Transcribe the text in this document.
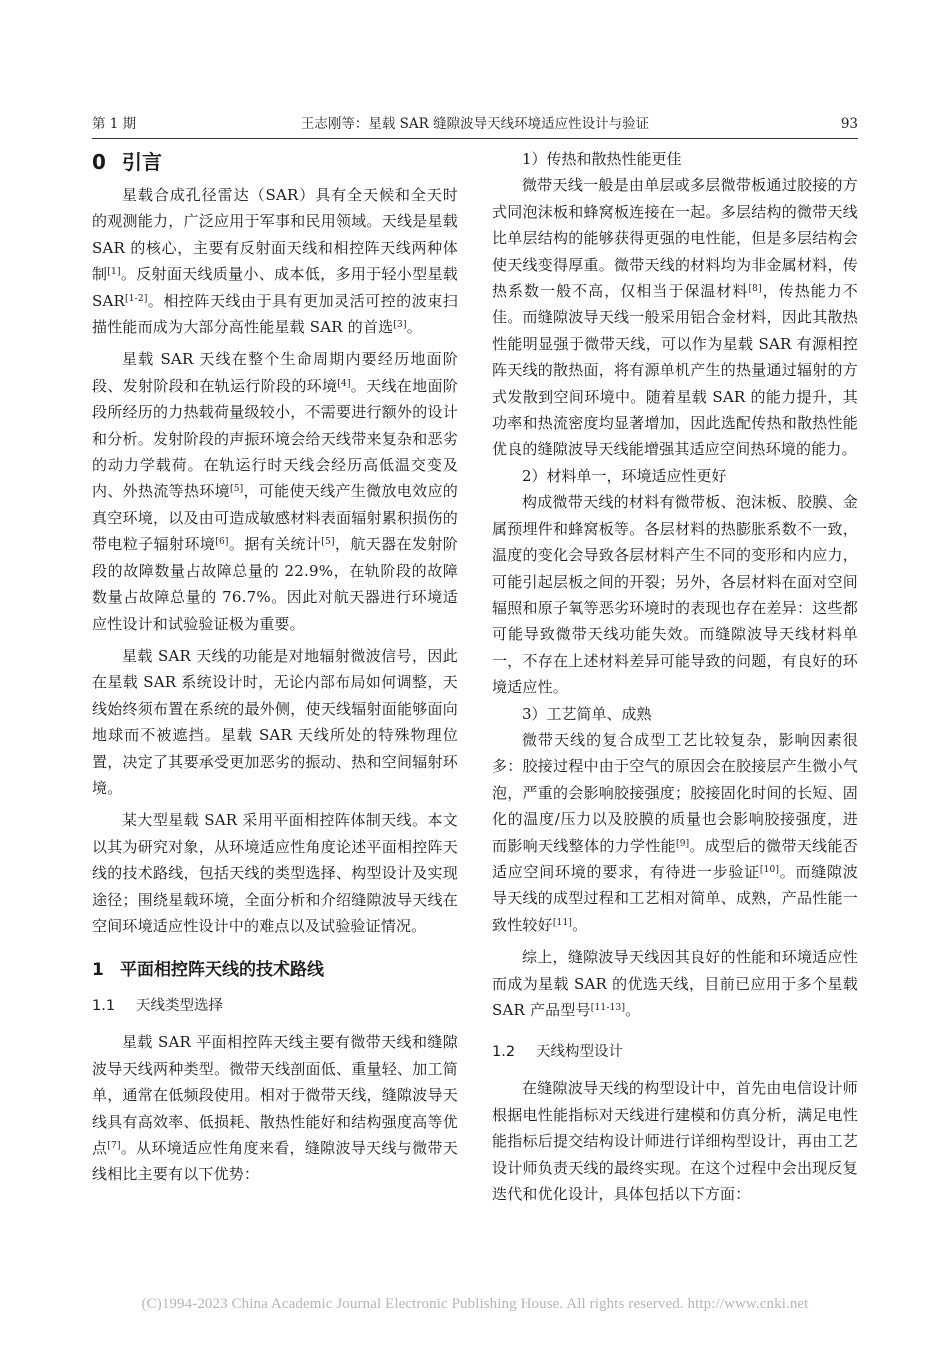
第 1 期	王志刚等：星载 SAR 缝隙波导天线环境适应性设计与验证	93
0 引言

星载合成孔径雷达（SAR）具有全天候和全天时的观测能力，广泛应用于军事和民用领域。天线是星载 SAR 的核心，主要有反射面天线和相控阵天线两种体制[1]。反射面天线质量小、成本低，多用于轻小型星载 SAR[1-2]。相控阵天线由于具有更加灵活可控的波束扫描性能而成为大部分高性能星载 SAR 的首选[3]。

星载 SAR 天线在整个生命周期内要经历地面阶段、发射阶段和在轨运行阶段的环境[4]。天线在地面阶段所经历的力热载荷量级较小，不需要进行额外的设计和分析。发射阶段的声振环境会给天线带来复杂和恶劣的动力学载荷。在轨运行时天线会经历高低温交变及内、外热流等热环境[5]，可能使天线产生微放电效应的真空环境，以及由可造成敏感材料表面辐射累积损伤的带电粒子辐射环境[6]。据有关统计[5]，航天器在发射阶段的故障数量占故障总量的 22.9%，在轨阶段的故障数量占故障总量的 76.7%。因此对航天器进行环境适应性设计和试验验证极为重要。

星载 SAR 天线的功能是对地辐射微波信号，因此在星载 SAR 系统设计时，无论内部布局如何调整，天线始终须布置在系统的最外侧，使天线辐射面能够面向地球而不被遮挡。星载 SAR 天线所处的特殊物理位置，决定了其要承受更加恶劣的振动、热和空间辐射环境。

某大型星载 SAR 采用平面相控阵体制天线。本文以其为研究对象，从环境适应性角度论述平面相控阵天线的技术路线，包括天线的类型选择、构型设计及实现途径；围绕星载环境，全面分析和介绍缝隙波导天线在空间环境适应性设计中的难点以及试验验证情况。

1 平面相控阵天线的技术路线
1.1 天线类型选择

星载 SAR 平面相控阵天线主要有微带天线和缝隙波导天线两种类型。微带天线剖面低、重量轻、加工简单，通常在低频段使用。相对于微带天线，缝隙波导天线具有高效率、低损耗、散热性能好和结构强度高等优点[7]。从环境适应性角度来看，缝隙波导天线与微带天线相比主要有以下优势：

1）传热和散热性能更佳

微带天线一般是由单层或多层微带板通过胶接的方式同泡沫板和蜂窝板连接在一起。多层结构的微带天线比单层结构的能够获得更强的电性能，但是多层结构会使天线变得厚重。微带天线的材料均为非金属材料，传热系数一般不高，仅相当于保温材料[8]，传热能力不佳。而缝隙波导天线一般采用铝合金材料，因此其散热性能明显强于微带天线，可以作为星载 SAR 有源相控阵天线的散热面，将有源单机产生的热量通过辐射的方式发散到空间环境中。随着星载 SAR 的能力提升，其功率和热流密度均显著增加，因此选配传热和散热性能优良的缝隙波导天线能增强其适应空间热环境的能力。

2）材料单一，环境适应性更好

构成微带天线的材料有微带板、泡沫板、胶膜、金属预埋件和蜂窝板等。各层材料的热膨胀系数不一致，温度的变化会导致各层材料产生不同的变形和内应力，可能引起层板之间的开裂；另外，各层材料在面对空间辐照和原子氧等恶劣环境时的表现也存在差异：这些都可能导致微带天线功能失效。而缝隙波导天线材料单一，不存在上述材料差异可能导致的问题，有良好的环境适应性。

3）工艺简单、成熟

微带天线的复合成型工艺比较复杂，影响因素很多：胶接过程中由于空气的原因会在胶接层产生微小气泡，严重的会影响胶接强度；胶接固化时间的长短、固化的温度/压力以及胶膜的质量也会影响胶接强度，进而影响天线整体的力学性能[9]。成型后的微带天线能否适应空间环境的要求，有待进一步验证[10]。而缝隙波导天线的成型过程和工艺相对简单、成熟，产品性能一致性较好[11]。

综上，缝隙波导天线因其良好的性能和环境适应性而成为星载 SAR 的优选天线，目前已应用于多个星载 SAR 产品型号[11-13]。

1.2 天线构型设计

在缝隙波导天线的构型设计中，首先由电信设计师根据电性能指标对天线进行建模和仿真分析，满足电性能指标后提交结构设计师进行详细构型设计，再由工艺设计师负责天线的最终实现。在这个过程中会出现反复迭代和优化设计，具体包括以下方面：

(C)1994-2023 China Academic Journal Electronic Publishing House. All rights reserved. http://www.cnki.net
